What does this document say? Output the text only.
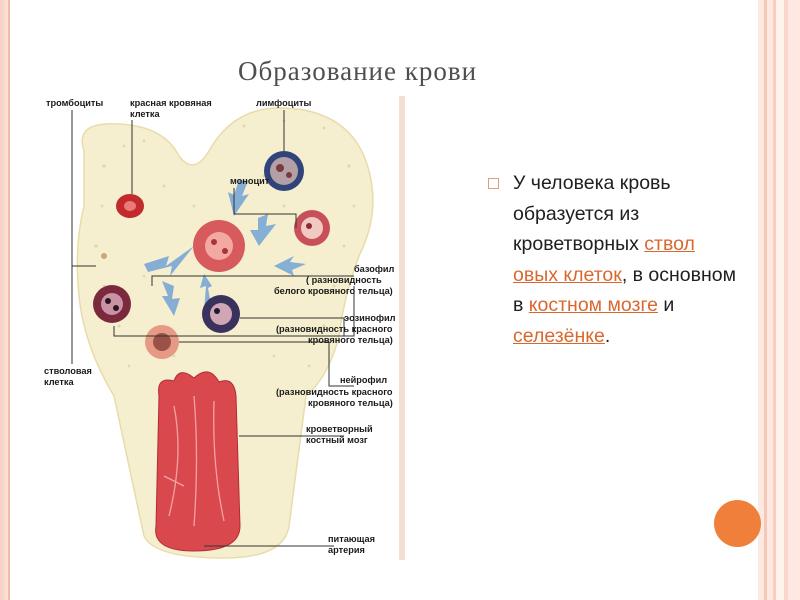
Образование крови
тромбоциты	красная кровяная
клетка
лимфоциты
моноцит
базофил
( разновидность
белого кровяного тельца)
эозинофил
(разновидность красного
кровяного тельца)
стволовая
клетка	нейрофил
(разновидность красного
кровяного тельца)
кроветворный
костный мозг
питающая
артерия
У человека кровь образуется из кроветворных ствол овых клеток, в основном в костном мозге и селезёнке.
